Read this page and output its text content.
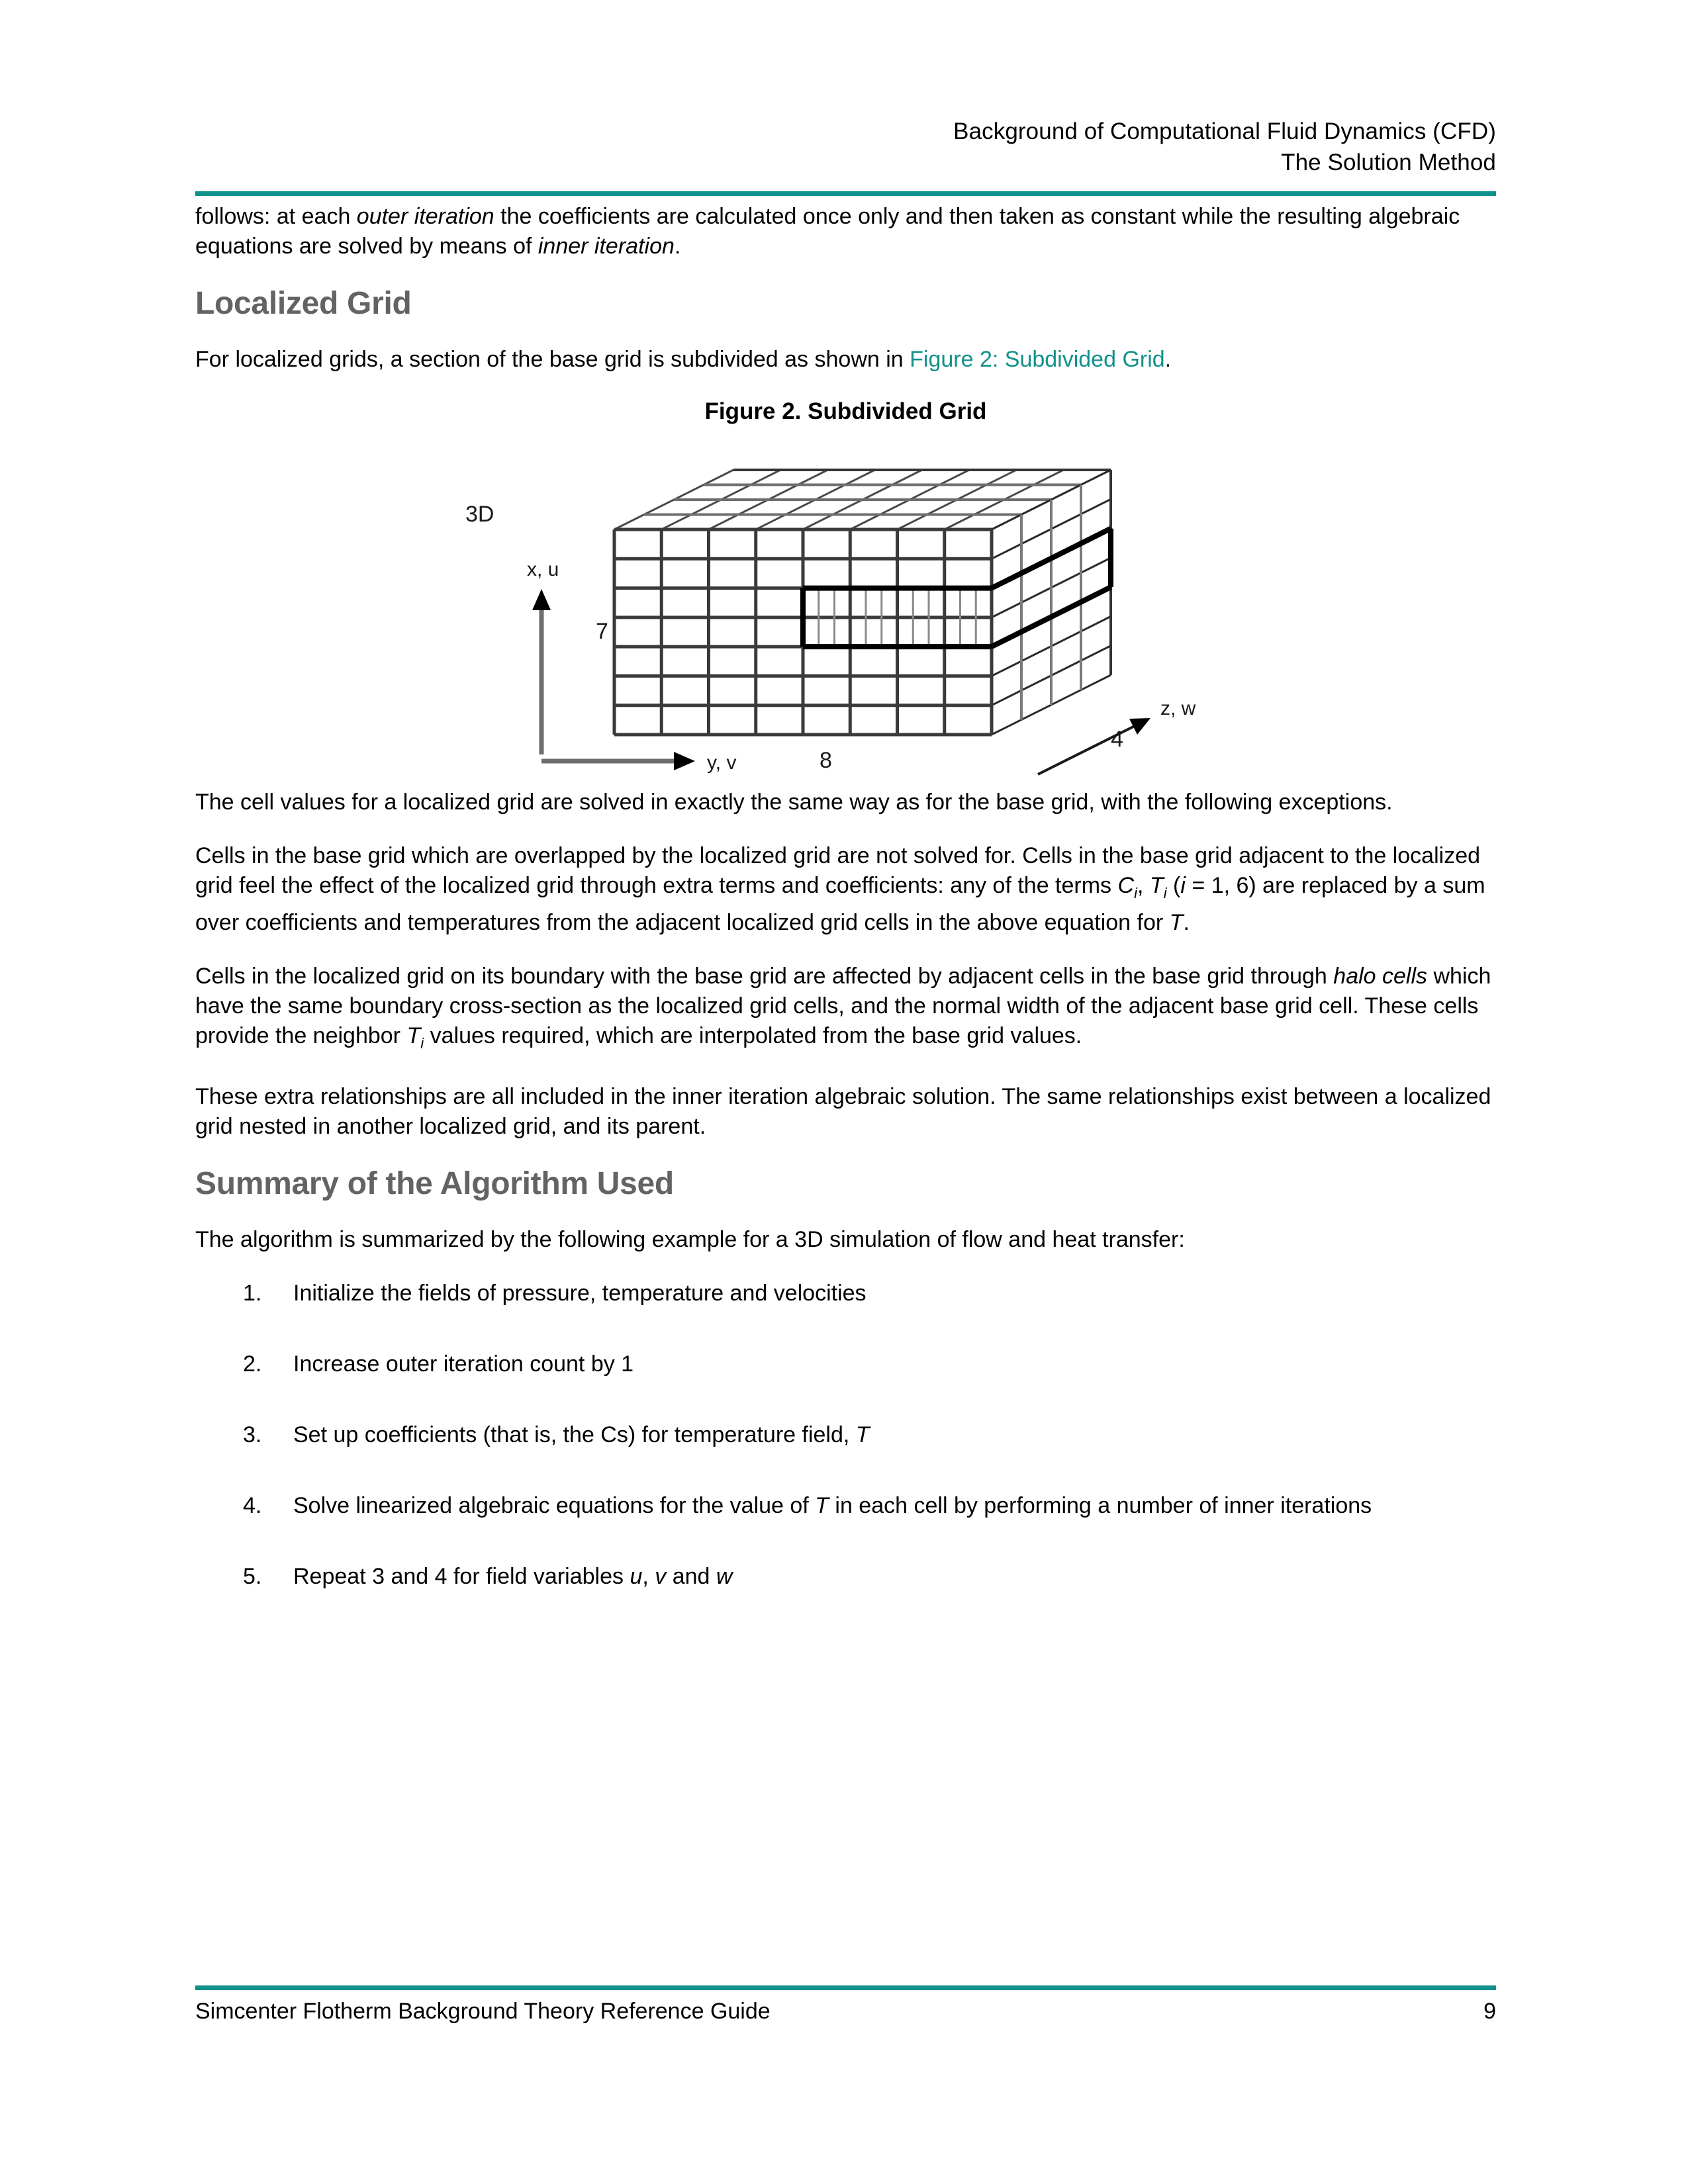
Background of Computational Fluid Dynamics (CFD)
The Solution Method

follows: at each outer iteration the coefficients are calculated once only and then taken as constant while the resulting algebraic equations are solved by means of inner iteration.

Localized Grid

For localized grids, a section of the base grid is subdivided as shown in Figure 2: Subdivided Grid.

Figure 2. Subdivided Grid
x, u
y, v
z, w
3D
7
8
4

The cell values for a localized grid are solved in exactly the same way as for the base grid, with the following exceptions.

Cells in the base grid which are overlapped by the localized grid are not solved for. Cells in the base grid adjacent to the localized grid feel the effect of the localized grid through extra terms and coefficients: any of the terms $C_i$, $T_i$ (i = 1, 6) are replaced by a sum over coefficients and temperatures from the adjacent localized grid cells in the above equation for T.

Cells in the localized grid on its boundary with the base grid are affected by adjacent cells in the base grid through halo cells which have the same boundary cross-section as the localized grid cells, and the normal width of the adjacent base grid cell. These cells provide the neighbor $T_i$ values required, which are interpolated from the base grid values.

These extra relationships are all included in the inner iteration algebraic solution. The same relationships exist between a localized grid nested in another localized grid, and its parent.

Summary of the Algorithm Used

The algorithm is summarized by the following example for a 3D simulation of flow and heat transfer:

1.	Initialize the fields of pressure, temperature and velocities
2.	Increase outer iteration count by 1
3.	Set up coefficients (that is, the Cs) for temperature field, T
4.	Solve linearized algebraic equations for the value of T in each cell by performing a number of inner iterations
5.	Repeat 3 and 4 for field variables u, v and w
Simcenter Flotherm Background Theory Reference Guide	9
